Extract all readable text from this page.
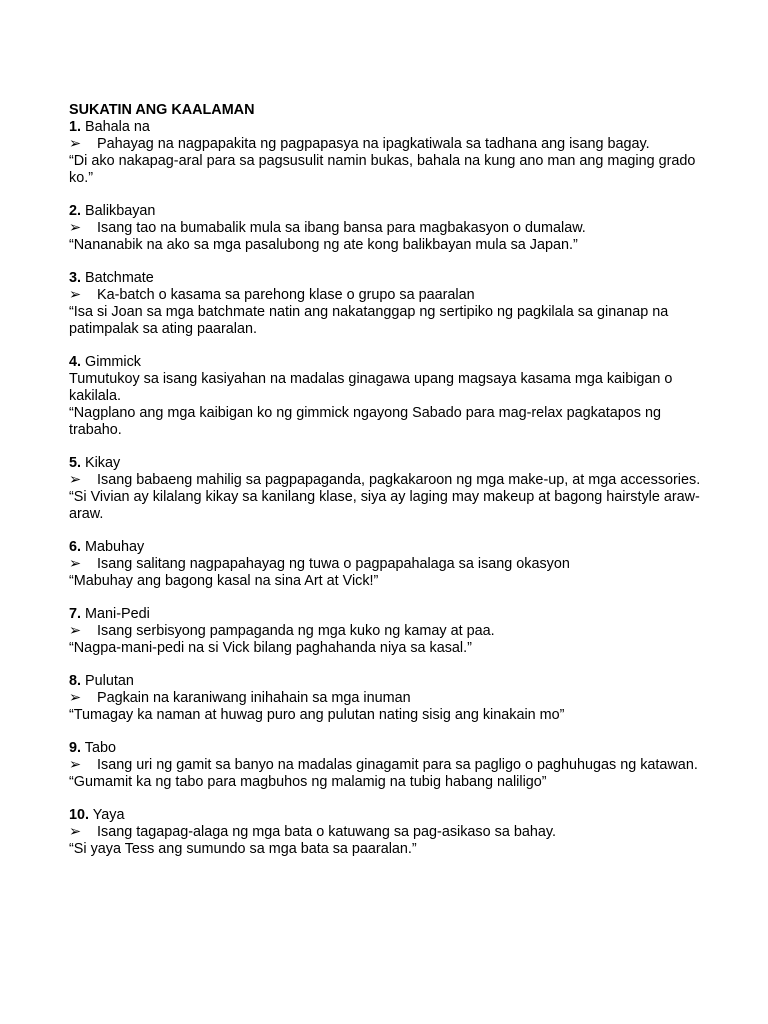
SUKATIN ANG KAALAMAN

1. Bahala na

➢ Pahayag na nagpapakita ng pagpapasya na ipagkatiwala sa tadhana ang isang bagay.

“Di ako nakapag-aral para sa pagsusulit namin bukas, bahala na kung ano man ang maging grado ko.”

2. Balikbayan

➢ Isang tao na bumabalik mula sa ibang bansa para magbakasyon o dumalaw.

“Nananabik na ako sa mga pasalubong ng ate kong balikbayan mula sa Japan.”

3. Batchmate

➢ Ka-batch o kasama sa parehong klase o grupo sa paaralan

“Isa si Joan sa mga batchmate natin ang nakatanggap ng sertipiko ng pagkilala sa ginanap na patimpalak sa ating paaralan.

4. Gimmick

Tumutukoy sa isang kasiyahan na madalas ginagawa upang magsaya kasama mga kaibigan o kakilala.

“Nagplano ang mga kaibigan ko ng gimmick ngayong Sabado para mag-relax pagkatapos ng trabaho.

5. Kikay

➢ Isang babaeng mahilig sa pagpapaganda, pagkakaroon ng mga make-up, at mga accessories.

“Si Vivian ay kilalang kikay sa kanilang klase, siya ay laging may makeup at bagong hairstyle araw-araw.

6. Mabuhay

➢ Isang salitang nagpapahayag ng tuwa o pagpapahalaga sa isang okasyon

“Mabuhay ang bagong kasal na sina Art at Vick!”

7. Mani-Pedi

➢ Isang serbisyong pampaganda ng mga kuko ng kamay at paa.

“Nagpa-mani-pedi na si Vick bilang paghahanda niya sa kasal.”

8. Pulutan

➢ Pagkain na karaniwang inihahain sa mga inuman

“Tumagay ka naman at huwag puro ang pulutan nating sisig ang kinakain mo”

9. Tabo

➢ Isang uri ng gamit sa banyo na madalas ginagamit para sa pagligo o paghuhugas ng katawan.

“Gumamit ka ng tabo para magbuhos ng malamig na tubig habang naliligo”

10. Yaya

➢ Isang tagapag-alaga ng mga bata o katuwang sa pag-asikaso sa bahay.

“Si yaya Tess ang sumundo sa mga bata sa paaralan.”
